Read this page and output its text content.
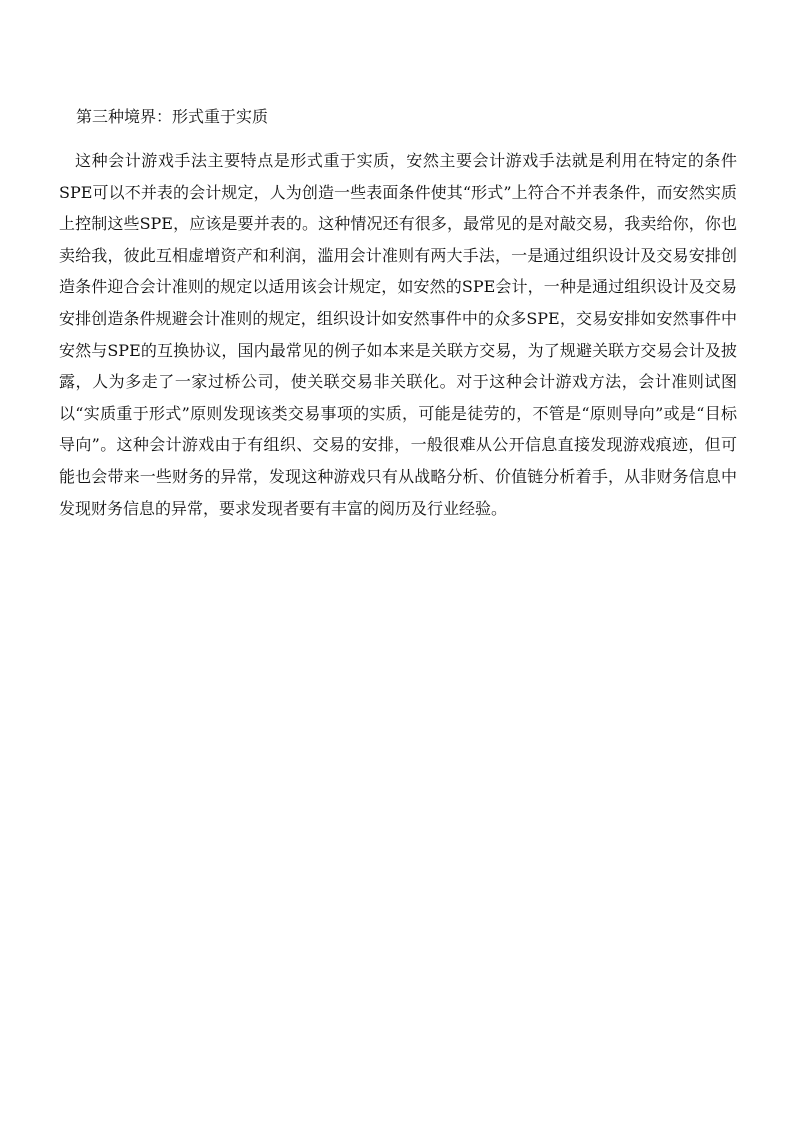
第三种境界：形式重于实质

这种会计游戏手法主要特点是形式重于实质，安然主要会计游戏手法就是利用在特定的条件SPE可以不并表的会计规定，人为创造一些表面条件使其“形式”上符合不并表条件，而安然实质上控制这些SPE，应该是要并表的。这种情况还有很多，最常见的是对敲交易，我卖给你，你也卖给我，彼此互相虚增资产和利润，滥用会计准则有两大手法，一是通过组织设计及交易安排创造条件迎合会计准则的规定以适用该会计规定，如安然的SPE会计，一种是通过组织设计及交易安排创造条件规避会计准则的规定，组织设计如安然事件中的众多SPE，交易安排如安然事件中安然与SPE的互换协议，国内最常见的例子如本来是关联方交易，为了规避关联方交易会计及披露，人为多走了一家过桥公司，使关联交易非关联化。对于这种会计游戏方法，会计准则试图以“实质重于形式”原则发现该类交易事项的实质，可能是徒劳的，不管是“原则导向”或是“目标导向”。这种会计游戏由于有组织、交易的安排，一般很难从公开信息直接发现游戏痕迹，但可能也会带来一些财务的异常，发现这种游戏只有从战略分析、价值链分析着手，从非财务信息中发现财务信息的异常，要求发现者要有丰富的阅历及行业经验。
